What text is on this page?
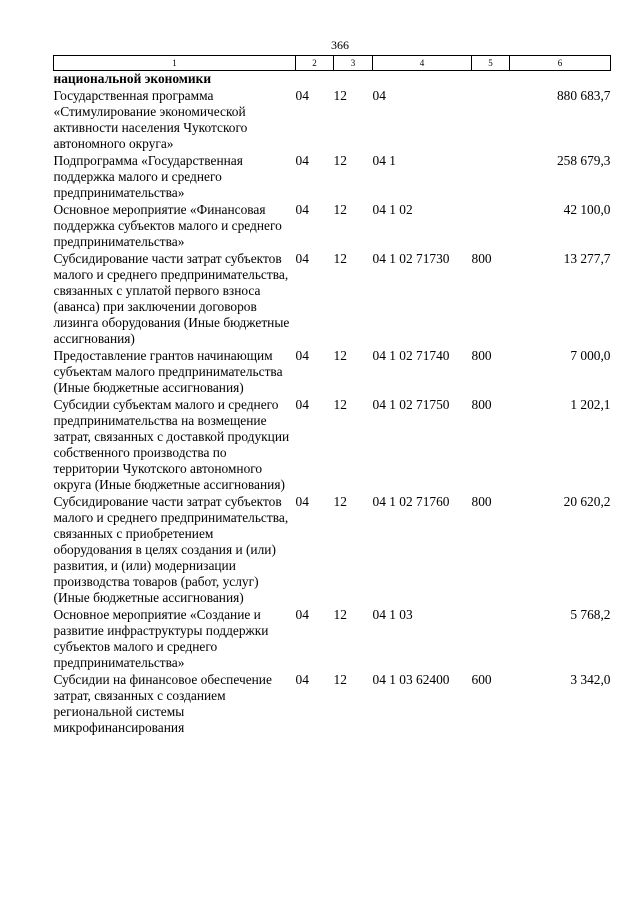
366
1	2	3	4	5	6
национальной экономики					
Государственная программа «Стимулирование экономической активности населения Чукотского автономного округа»	04	12	04		880 683,7
Подпрограмма «Государственная поддержка малого и среднего предпринимательства»	04	12	04 1		258 679,3
Основное мероприятие «Финансовая поддержка субъектов малого и среднего предпринимательства»	04	12	04 1 02		42 100,0
Субсидирование части затрат субъектов малого и среднего предпринимательства, связанных с уплатой первого взноса (аванса) при заключении договоров лизинга оборудования (Иные бюджетные ассигнования)	04	12	04 1 02 71730	800	13 277,7
Предоставление грантов начинающим субъектам малого предпринимательства (Иные бюджетные ассигнования)	04	12	04 1 02 71740	800	7 000,0
Субсидии субъектам малого и среднего предпринимательства на возмещение затрат, связанных с доставкой продукции собственного производства по территории Чукотского автономного округа (Иные бюджетные ассигнования)	04	12	04 1 02 71750	800	1 202,1
Субсидирование части затрат субъектов малого и среднего предпринимательства, связанных с приобретением оборудования в целях создания и (или) развития, и (или) модернизации производства товаров (работ, услуг) (Иные бюджетные ассигнования)	04	12	04 1 02 71760	800	20 620,2
Основное мероприятие «Создание и развитие инфраструктуры поддержки субъектов малого и среднего предпринимательства»	04	12	04 1 03		5 768,2
Субсидии на финансовое обеспечение затрат, связанных с созданием региональной системы микрофинансирования	04	12	04 1 03 62400	600	3 342,0
